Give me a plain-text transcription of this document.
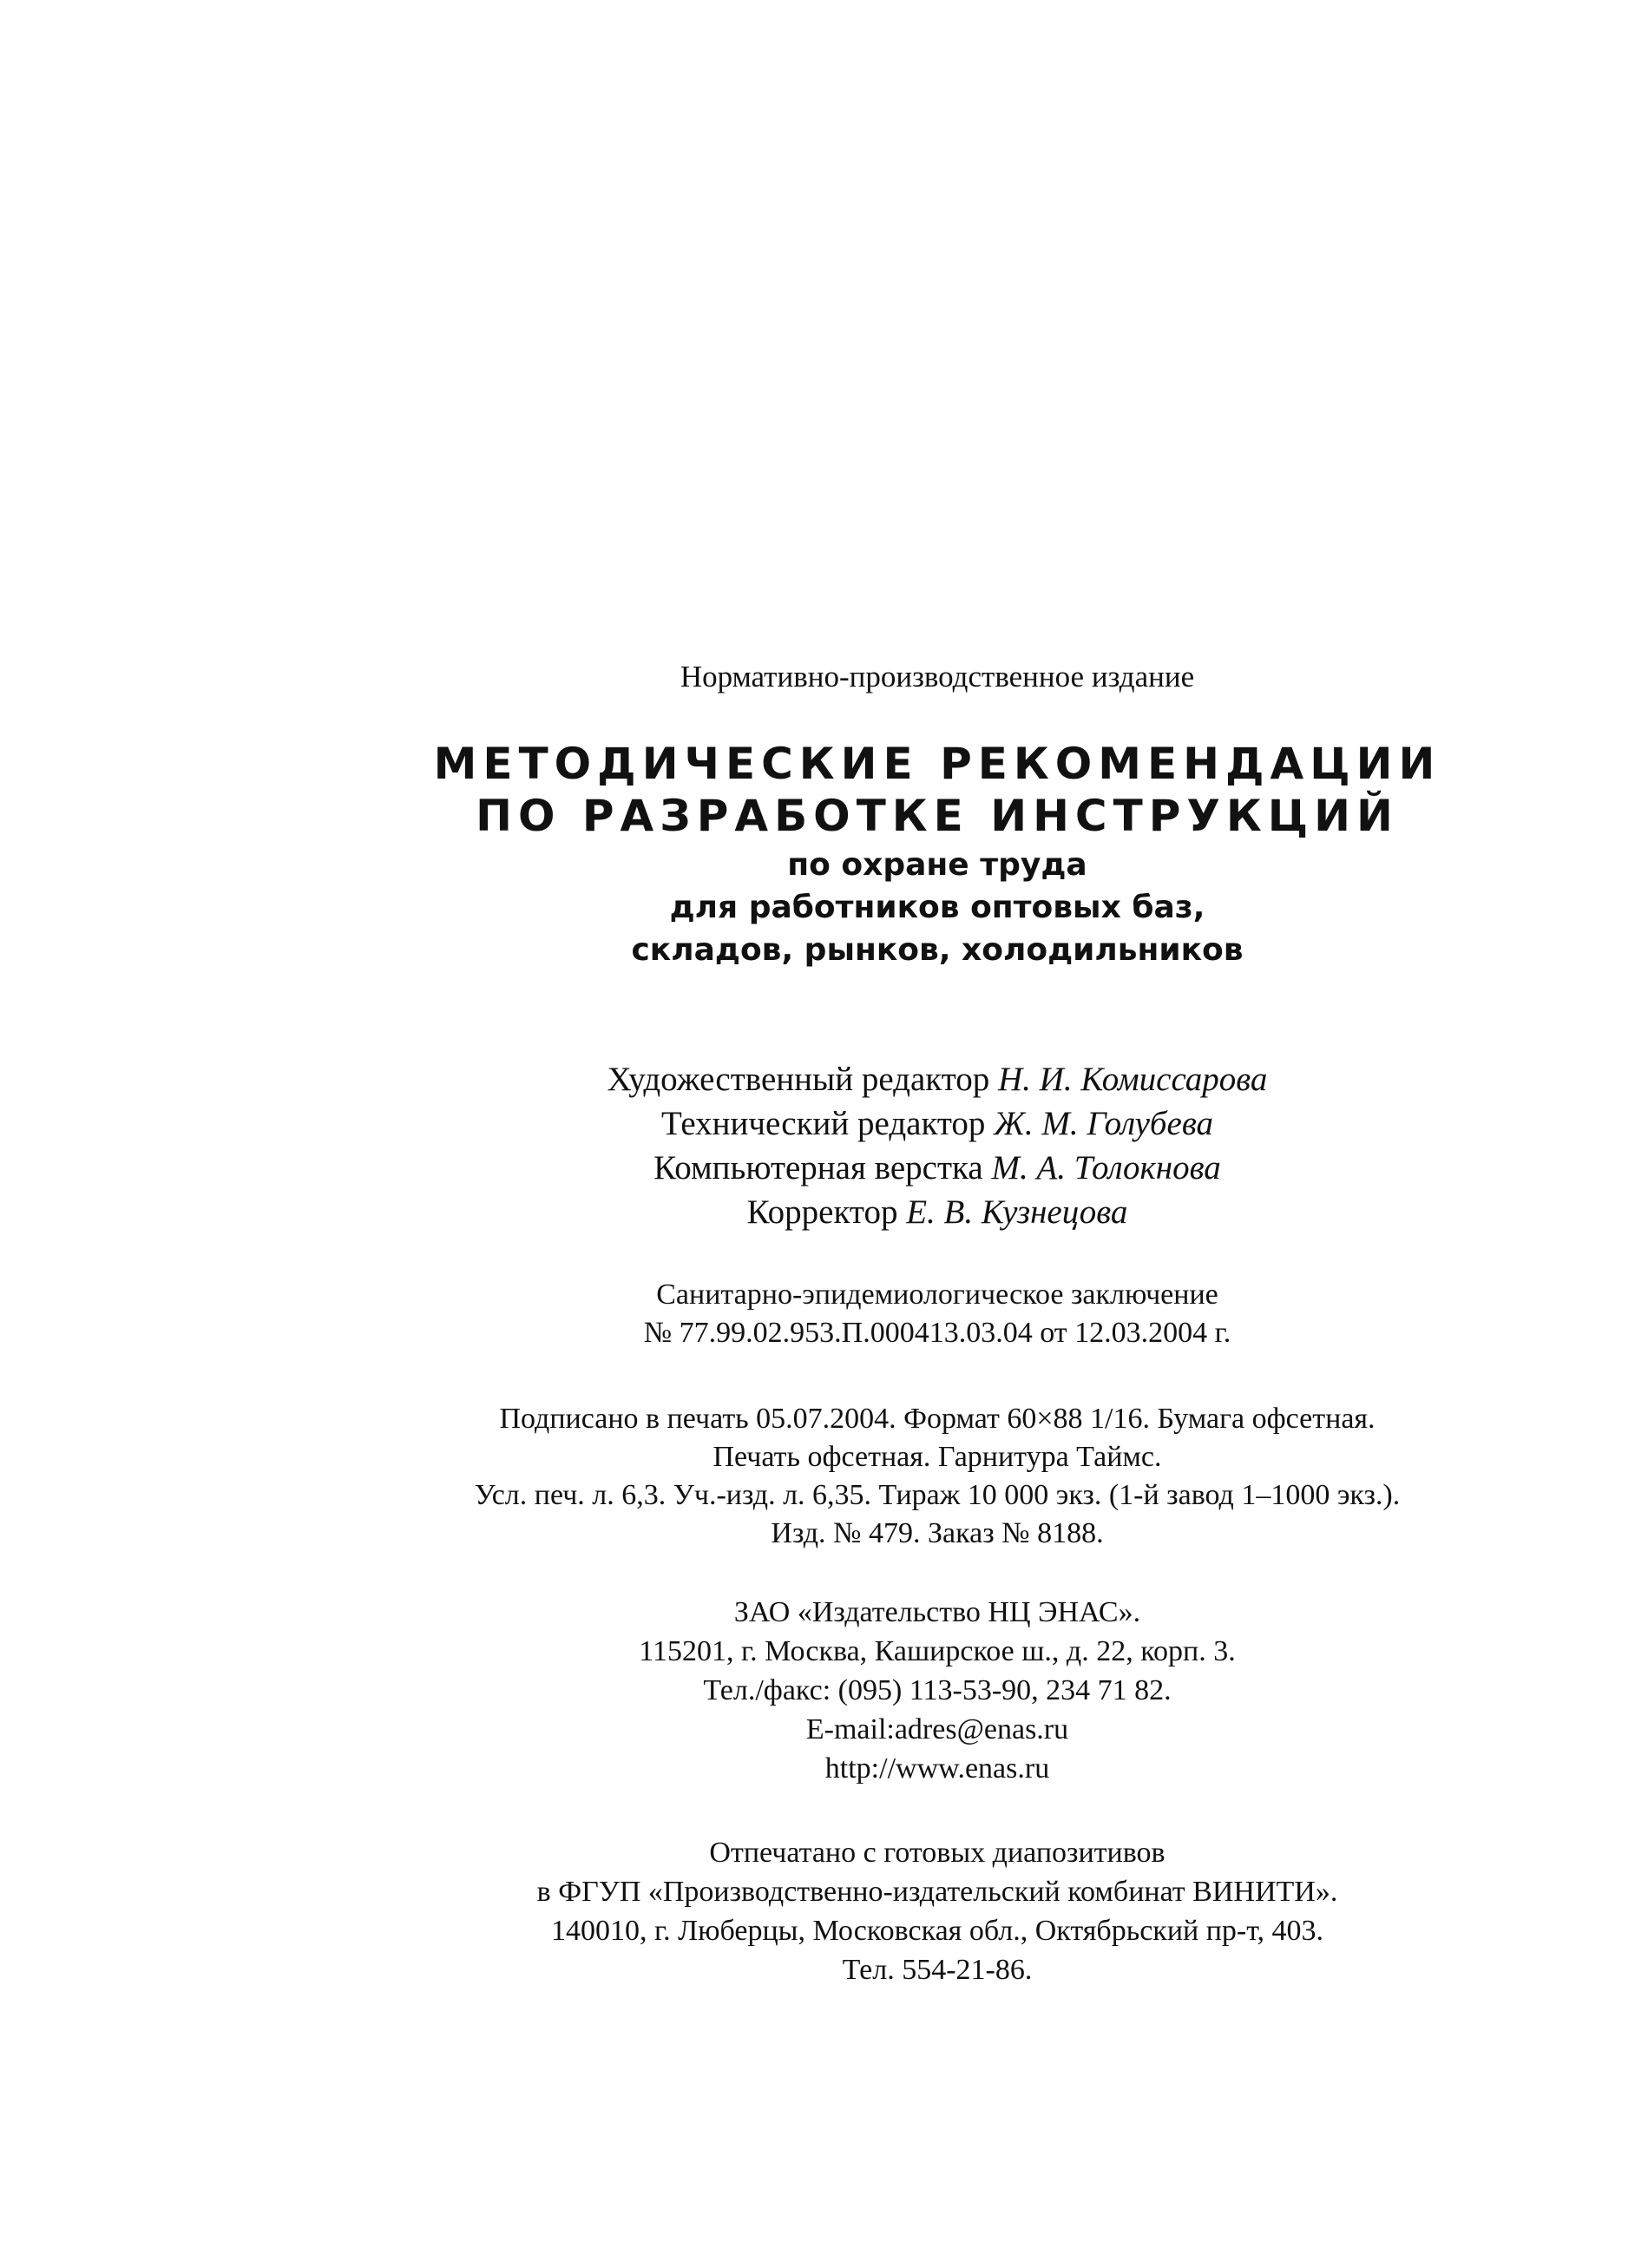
Нормативно-производственное издание
МЕТОДИЧЕСКИЕ РЕКОМЕНДАЦИИ
ПО РАЗРАБОТКЕ ИНСТРУКЦИЙ
по охране труда
для работников оптовых баз,
складов, рынков, холодильников
Художественный редактор Н. И. Комиссарова
Технический редактор Ж. М. Голубева
Компьютерная верстка М. А. Толокнова
Корректор Е. В. Кузнецова
Санитарно-эпидемиологическое заключение
№ 77.99.02.953.П.000413.03.04 от 12.03.2004 г.
Подписано в печать 05.07.2004. Формат 60×88 1/16. Бумага офсетная.
Печать офсетная. Гарнитура Таймс.
Усл. печ. л. 6,3. Уч.-изд. л. 6,35. Тираж 10 000 экз. (1-й завод 1–1000 экз.).
Изд. № 479. Заказ № 8188.
ЗАО «Издательство НЦ ЭНАС».
115201, г. Москва, Каширское ш., д. 22, корп. 3.
Тел./факс: (095) 113-53-90, 234 71 82.
E-mail:adres@enas.ru
http://www.enas.ru
Отпечатано с готовых диапозитивов
в ФГУП «Производственно-издательский комбинат ВИНИТИ».
140010, г. Люберцы, Московская обл., Октябрьский пр-т, 403.
Тел. 554-21-86.
